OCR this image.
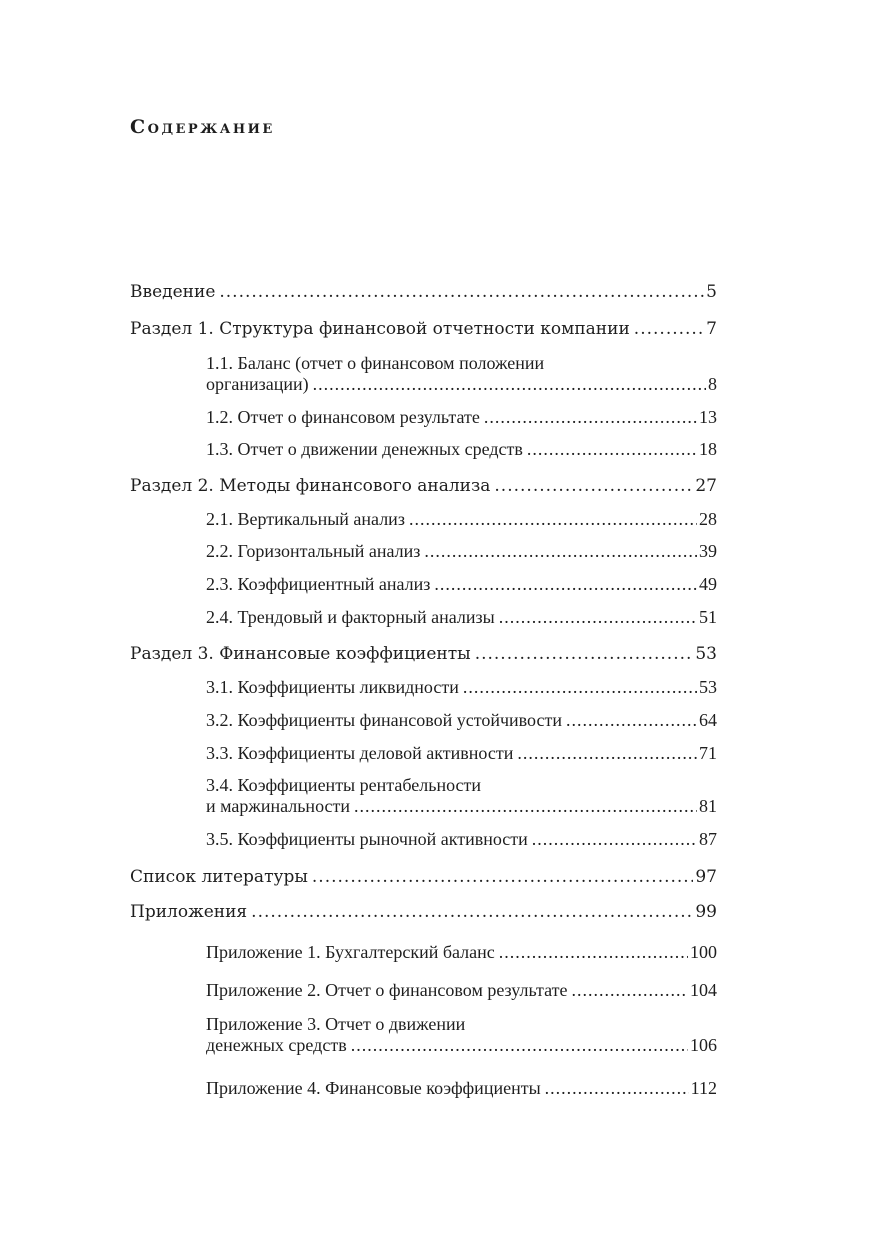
Содержание
Введение .....	5
Раздел 1. Структура финансовой отчетности компании .....	7
1.1. Баланс (отчет о финансовом положении
организации) .....	8
1.2. Отчет о финансовом результате .....	13
1.3. Отчет о движении денежных средств .....	18
Раздел 2. Методы финансового анализа .....	27
2.1. Вертикальный анализ .....	28
2.2. Горизонтальный анализ .....	39
2.3. Коэффициентный анализ .....	49
2.4. Трендовый и факторный анализы .....	51
Раздел 3. Финансовые коэффициенты .....	53
3.1. Коэффициенты ликвидности .....	53
3.2. Коэффициенты финансовой устойчивости .....	64
3.3. Коэффициенты деловой активности .....	71
3.4. Коэффициенты рентабельности
и маржинальности .....	81
3.5. Коэффициенты рыночной активности .....	87
Список литературы .....	97
Приложения .....	99
Приложение 1. Бухгалтерский баланс .....	100
Приложение 2. Отчет о финансовом результате .....	104
Приложение 3. Отчет о движении
денежных средств .....	106
Приложение 4. Финансовые коэффициенты .....	112
